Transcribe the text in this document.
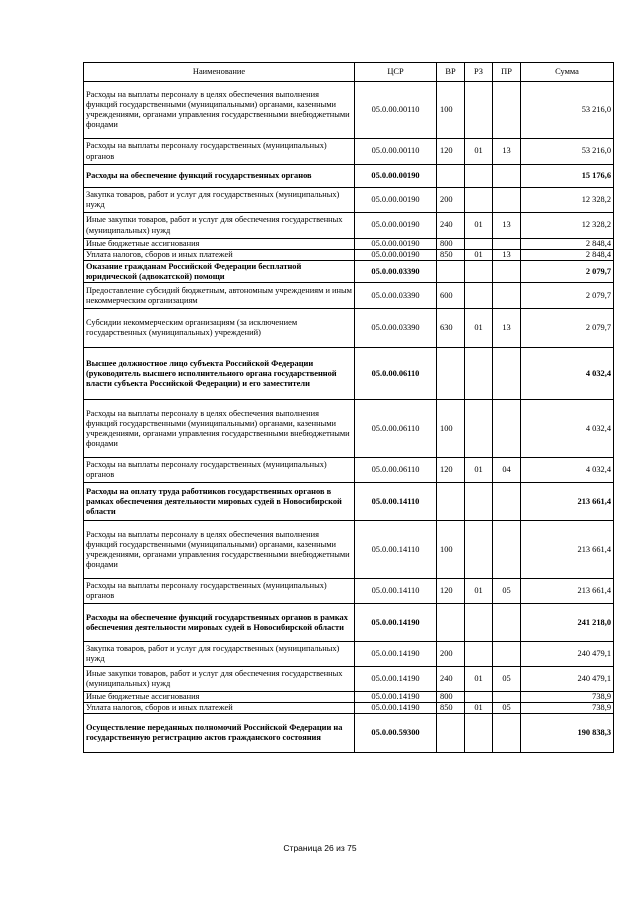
Наименование	ЦСР	ВР	РЗ	ПР	Сумма
Расходы на выплаты персоналу в целях обеспечения выполнения функций государственными (муниципальными) органами, казенными учреждениями, органами управления государственными внебюджетными фондами	05.0.00.00110	100			53 216,0
Расходы на выплаты персоналу государственных (муниципальных) органов	05.0.00.00110	120	01	13	53 216,0
Расходы на обеспечение функций государственных органов	05.0.00.00190				15 176,6
Закупка товаров, работ и услуг для государственных (муниципальных) нужд	05.0.00.00190	200			12 328,2
Иные закупки товаров, работ и услуг для обеспечения государственных (муниципальных) нужд	05.0.00.00190	240	01	13	12 328,2
Иные бюджетные ассигнования	05.0.00.00190	800			2 848,4
Уплата налогов, сборов и иных платежей	05.0.00.00190	850	01	13	2 848,4
Оказание гражданам Российской Федерации бесплатной юридической (адвокатской) помощи	05.0.00.03390				2 079,7
Предоставление субсидий бюджетным, автономным учреждениям и иным некоммерческим организациям	05.0.00.03390	600			2 079,7
Субсидии некоммерческим организациям (за исключением государственных (муниципальных) учреждений)	05.0.00.03390	630	01	13	2 079,7
Высшее должностное лицо субъекта Российской Федерации (руководитель высшего исполнительного органа государственной власти субъекта Российской Федерации) и его заместители	05.0.00.06110				4 032,4
Расходы на выплаты персоналу в целях обеспечения выполнения функций государственными (муниципальными) органами, казенными учреждениями, органами управления государственными внебюджетными фондами	05.0.00.06110	100			4 032,4
Расходы на выплаты персоналу государственных (муниципальных) органов	05.0.00.06110	120	01	04	4 032,4
Расходы на оплату труда работников государственных органов в рамках обеспечения деятельности мировых судей в Новосибирской области	05.0.00.14110				213 661,4
Расходы на выплаты персоналу в целях обеспечения выполнения функций государственными (муниципальными) органами, казенными учреждениями, органами управления государственными внебюджетными фондами	05.0.00.14110	100			213 661,4
Расходы на выплаты персоналу государственных (муниципальных) органов	05.0.00.14110	120	01	05	213 661,4
Расходы на обеспечение функций государственных органов в рамках обеспечения деятельности мировых судей в Новосибирской области	05.0.00.14190				241 218,0
Закупка товаров, работ и услуг для государственных (муниципальных) нужд	05.0.00.14190	200			240 479,1
Иные закупки товаров, работ и услуг для обеспечения государственных (муниципальных) нужд	05.0.00.14190	240	01	05	240 479,1
Иные бюджетные ассигнования	05.0.00.14190	800			738,9
Уплата налогов, сборов и иных платежей	05.0.00.14190	850	01	05	738,9
Осуществление переданных полномочий Российской Федерации на государственную регистрацию актов гражданского состояния	05.0.00.59300				190 838,3
Страница 26 из 75
